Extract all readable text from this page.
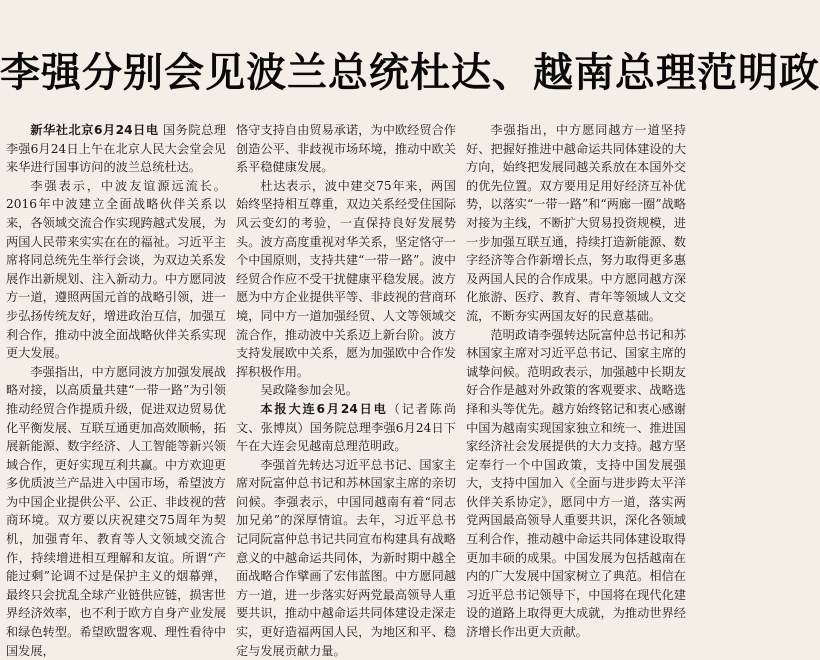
李强分别会见波兰总统杜达、越南总理范明政

新华社北京6月24日电 国务院总理李强6月24日上午在北京人民大会堂会见来华进行国事访问的波兰总统杜达。

李强表示，中波友谊源远流长。2016年中波建立全面战略伙伴关系以来，各领域交流合作实现跨越式发展，为两国人民带来实实在在的福祉。习近平主席将同总统先生举行会谈，为双边关系发展作出新规划、注入新动力。中方愿同波方一道，遵照两国元首的战略引领，进一步弘扬传统友好，增进政治互信，加强互利合作，推动中波全面战略伙伴关系实现更大发展。

李强指出，中方愿同波方加强发展战略对接，以高质量共建“一带一路”为引领推动经贸合作提质升级，促进双边贸易优化平衡发展、互联互通更加高效顺畅，拓展新能源、数字经济、人工智能等新兴领域合作，更好实现互利共赢。中方欢迎更多优质波兰产品进入中国市场，希望波方为中国企业提供公平、公正、非歧视的营商环境。双方要以庆祝建交75周年为契机，加强青年、教育等人文领域交流合作，持续增进相互理解和友谊。所谓“产能过剩”论调不过是保护主义的烟幕弹，最终只会扰乱全球产业链供应链，损害世界经济效率，也不利于欧方自身产业发展和绿色转型。希望欧盟客观、理性看待中国发展，

恪守支持自由贸易承诺，为中欧经贸合作创造公平、非歧视市场环境，推动中欧关系平稳健康发展。

杜达表示，波中建交75年来，两国始终坚持相互尊重，双边关系经受住国际风云变幻的考验，一直保持良好发展势头。波方高度重视对华关系，坚定恪守一个中国原则，支持共建“一带一路”。波中经贸合作应不受干扰健康平稳发展。波方愿为中方企业提供平等、非歧视的营商环境，同中方一道加强经贸、人文等领域交流合作，推动波中关系迈上新台阶。波方支持发展欧中关系，愿为加强欧中合作发挥积极作用。

吴政隆参加会见。

本报大连6月24日电（记者陈尚文、张博岚）国务院总理李强6月24日下午在大连会见越南总理范明政。

李强首先转达习近平总书记、国家主席对阮富仲总书记和苏林国家主席的亲切问候。李强表示，中国同越南有着“同志加兄弟”的深厚情谊。去年，习近平总书记同阮富仲总书记共同宣布构建具有战略意义的中越命运共同体，为新时期中越全面战略合作擘画了宏伟蓝图。中方愿同越方一道，进一步落实好两党最高领导人重要共识，推动中越命运共同体建设走深走实，更好造福两国人民，为地区和平、稳定与发展贡献力量。

李强指出，中方愿同越方一道坚持好、把握好推进中越命运共同体建设的大方向，始终把发展同越关系放在本国外交的优先位置。双方要用足用好经济互补优势，以落实“一带一路”和“两廊一圈”战略对接为主线，不断扩大贸易投资规模，进一步加强互联互通，持续打造新能源、数字经济等合作新增长点，努力取得更多惠及两国人民的合作成果。中方愿同越方深化旅游、医疗、教育、青年等领域人文交流，不断夯实两国友好的民意基础。

范明政请李强转达阮富仲总书记和苏林国家主席对习近平总书记、国家主席的诚挚问候。范明政表示，加强越中长期友好合作是越对外政策的客观要求、战略选择和头等优先。越方始终铭记和衷心感谢中国为越南实现国家独立和统一、推进国家经济社会发展提供的大力支持。越方坚定奉行一个中国政策，支持中国发展强大，支持中国加入《全面与进步跨太平洋伙伴关系协定》，愿同中方一道，落实两党两国最高领导人重要共识，深化各领域互利合作，推动越中命运共同体建设取得更加丰硕的成果。中国发展为包括越南在内的广大发展中国家树立了典范。相信在习近平总书记领导下，中国将在现代化建设的道路上取得更大成就，为推动世界经济增长作出更大贡献。
